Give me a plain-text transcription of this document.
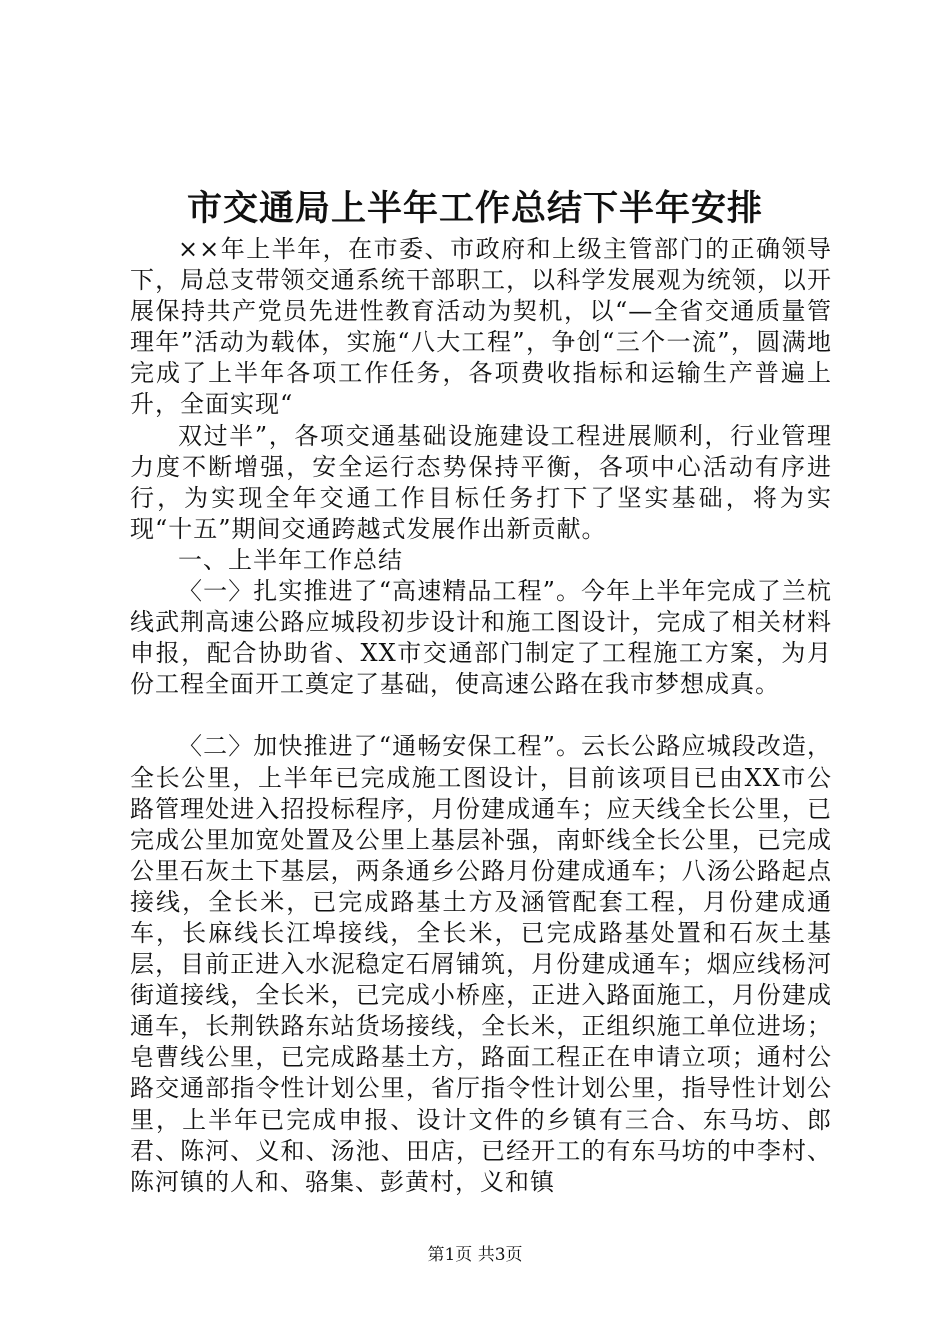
市交通局上半年工作总结下半年安排

××年上半年，在市委、市政府和上级主管部门的正确领导下，局总支带领交通系统干部职工，以科学发展观为统领，以开展保持共产党员先进性教育活动为契机，以“—全省交通质量管理年”活动为载体，实施“八大工程”，争创“三个一流”，圆满地完成了上半年各项工作任务，各项费收指标和运输生产普遍上升，全面实现“

双过半”，各项交通基础设施建设工程进展顺利，行业管理力度不断增强，安全运行态势保持平衡，各项中心活动有序进行，为实现全年交通工作目标任务打下了坚实基础，将为实现“十五”期间交通跨越式发展作出新贡献。

一、上半年工作总结

〈一〉扎实推进了“高速精品工程”。今年上半年完成了兰杭线武荆高速公路应城段初步设计和施工图设计，完成了相关材料申报，配合协助省、XX市交通部门制定了工程施工方案，为月份工程全面开工奠定了基础，使高速公路在我市梦想成真。

〈二〉加快推进了“通畅安保工程”。云长公路应城段改造，全长公里，上半年已完成施工图设计，目前该项目已由XX市公路管理处进入招投标程序，月份建成通车；应天线全长公里，已完成公里加宽处置及公里上基层补强，南虾线全长公里，已完成公里石灰土下基层，两条通乡公路月份建成通车；八汤公路起点接线，全长米，已完成路基土方及涵管配套工程，月份建成通车，长麻线长江埠接线，全长米，已完成路基处置和石灰土基层，目前正进入水泥稳定石屑铺筑，月份建成通车；烟应线杨河街道接线，全长米，已完成小桥座，正进入路面施工，月份建成通车，长荆铁路东站货场接线，全长米，正组织施工单位进场；皂曹线公里，已完成路基土方，路面工程正在申请立项；通村公路交通部指令性计划公里，省厅指令性计划公里，指导性计划公里，上半年已完成申报、设计文件的乡镇有三合、东马坊、郎君、陈河、义和、汤池、田店，已经开工的有东马坊的中李村、陈河镇的人和、骆集、彭黄村，义和镇

第1页 共3页
